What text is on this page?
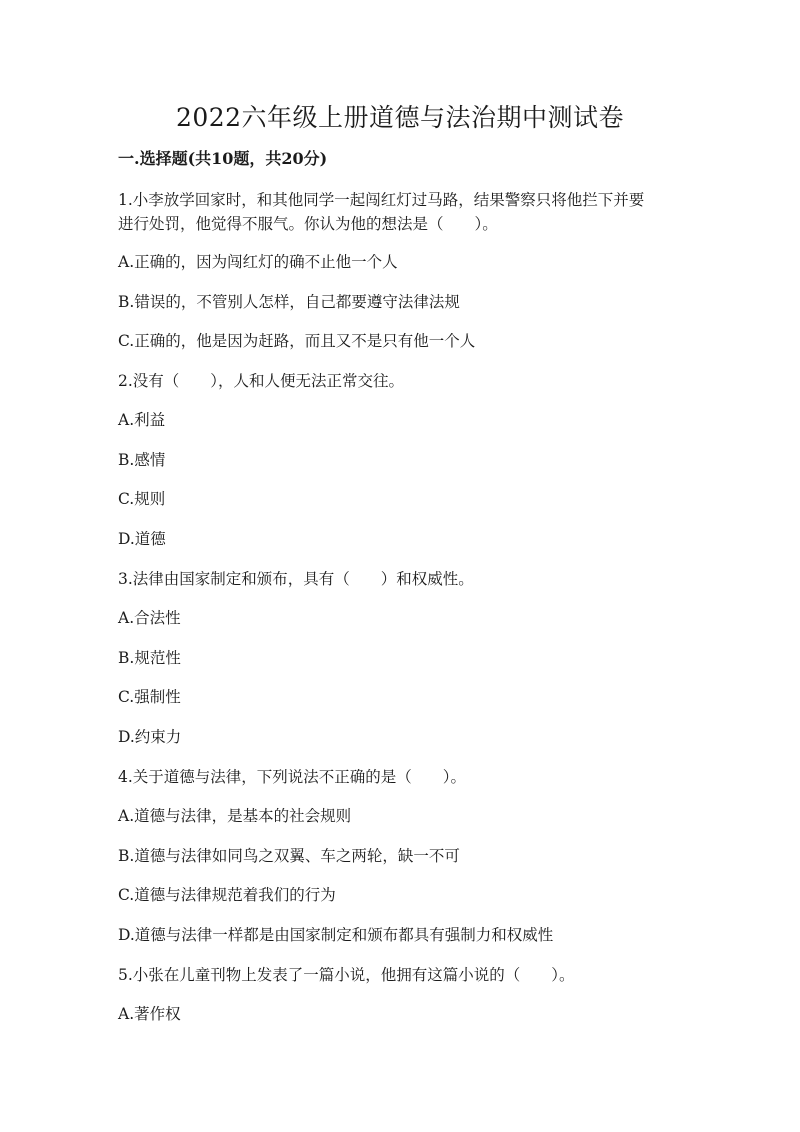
2022六年级上册道德与法治期中测试卷
一.选择题(共10题，共20分)
1.小李放学回家时，和其他同学一起闯红灯过马路，结果警察只将他拦下并要
进行处罚，他觉得不服气。你认为他的想法是（　　）。
A.正确的，因为闯红灯的确不止他一个人
B.错误的，不管别人怎样，自己都要遵守法律法规
C.正确的，他是因为赶路，而且又不是只有他一个人
2.没有（　　），人和人便无法正常交往。
A.利益
B.感情
C.规则
D.道德
3.法律由国家制定和颁布，具有（　　）和权威性。
A.合法性
B.规范性
C.强制性
D.约束力
4.关于道德与法律，下列说法不正确的是（　　）。
A.道德与法律，是基本的社会规则
B.道德与法律如同鸟之双翼、车之两轮，缺一不可
C.道德与法律规范着我们的行为
D.道德与法律一样都是由国家制定和颁布都具有强制力和权威性
5.小张在儿童刊物上发表了一篇小说，他拥有这篇小说的（　　）。
A.著作权
